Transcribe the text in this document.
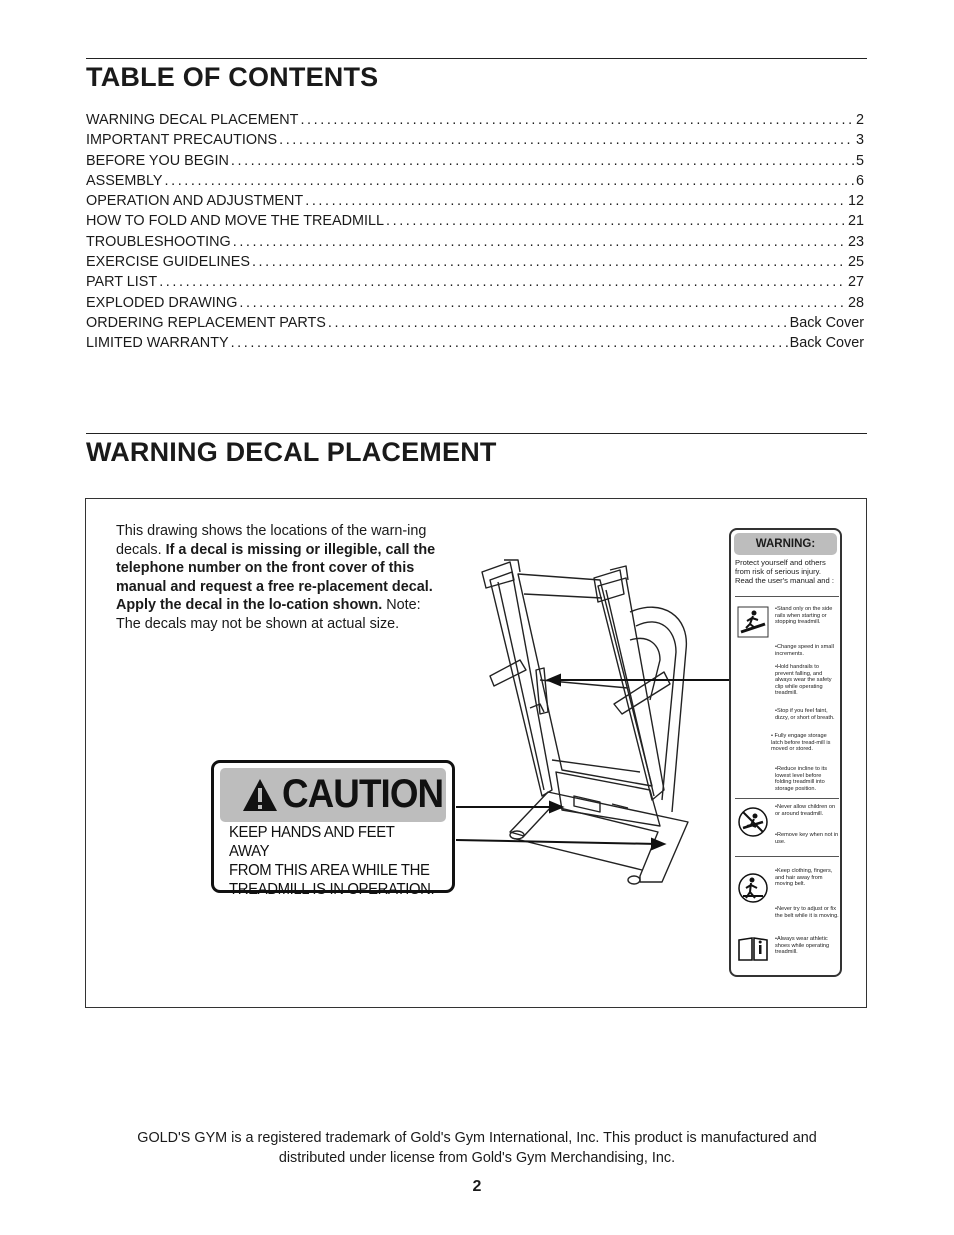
TABLE OF CONTENTS
WARNING DECAL PLACEMENT .....	2
IMPORTANT PRECAUTIONS .....	3
BEFORE YOU BEGIN .....	5
ASSEMBLY .....	6
OPERATION AND ADJUSTMENT .....	12
HOW TO FOLD AND MOVE THE TREADMILL .....	21
TROUBLESHOOTING .....	23
EXERCISE GUIDELINES .....	25
PART LIST .....	27
EXPLODED DRAWING .....	28
ORDERING REPLACEMENT PARTS .....	Back Cover
LIMITED WARRANTY .....	Back Cover
WARNING DECAL PLACEMENT
This drawing shows the locations of the warn-ing decals. If a decal is missing or illegible, call the telephone number on the front cover of this manual and request a free re-placement decal. Apply the decal in the lo-cation shown. Note: The decals may not be shown at actual size.
CAUTION
KEEP HANDS AND FEET AWAY
FROM THIS AREA WHILE THE
TREADMILL IS IN OPERATION.
WARNING:
Protect yourself and others from risk of serious injury. Read the user's manual and :
•Stand only on the side rails when starting or stopping treadmill.
•Change speed in small increments.
•Hold handrails to prevent falling, and always wear the safety clip while operating treadmill.
•Stop if you feel faint, dizzy, or short of breath.
• Fully engage storage latch before tread-mill is moved or stored.
•Reduce incline to its lowest level before folding treadmill into storage position.
•Never allow children on or around treadmill.
•Remove key when not in use.
•Keep clothing, fingers, and hair away from moving belt.
•Never try to adjust or fix the belt while it is moving.
•Always wear athletic shoes while operating treadmill.
GOLD'S GYM is a registered trademark of Gold's Gym International, Inc. This product is manufactured and
distributed under license from Gold's Gym Merchandising, Inc.
2
